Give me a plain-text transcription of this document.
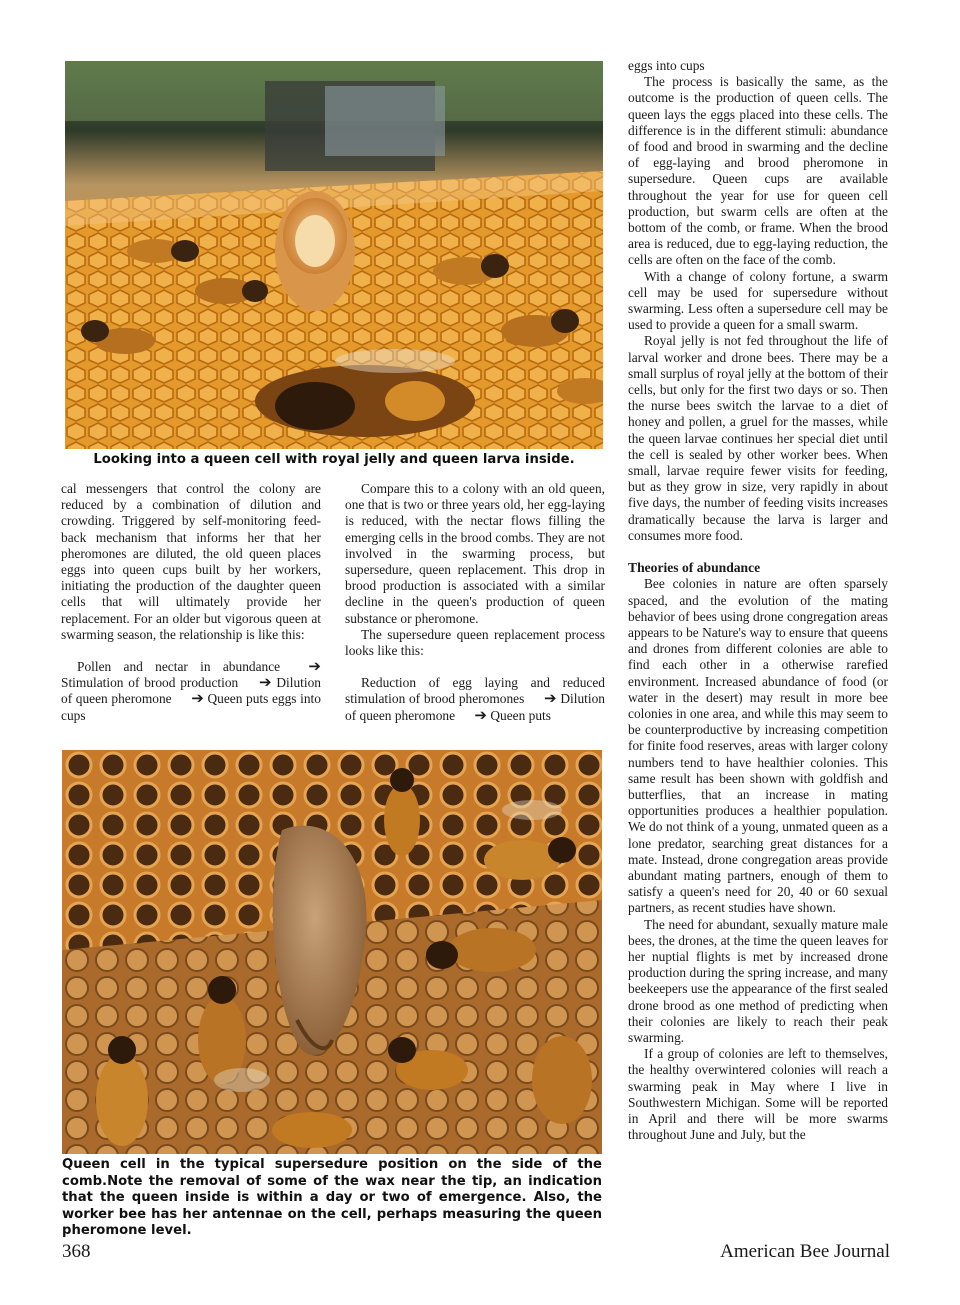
Looking into a queen cell with royal jelly and queen larva inside.

cal messengers that control the colony are reduced by a combination of dilution and crowding. Triggered by self-monitoring feed-back mechanism that informs her that her pheromones are diluted, the old queen places eggs into queen cups built by her workers, initiating the production of the daughter queen cells that will ultimately provide her replacement. For an older but vigorous queen at swarming season, the relationship is like this:

Pollen and nectar in abundance ➔ Stimulation of brood production ➔ Dilution of queen pheromone ➔ Queen puts eggs into cups

Compare this to a colony with an old queen, one that is two or three years old, her egg-laying is reduced, with the nectar flows filling the emerging cells in the brood combs. They are not involved in the swarming process, but supersedure, queen replacement. This drop in brood production is associated with a similar decline in the queen's production of queen substance or pheromone.

The supersedure queen replacement process looks like this:

Reduction of egg laying and reduced stimulation of brood pheromones ➔ Dilution of queen pheromone ➔ Queen puts

eggs into cups

The process is basically the same, as the outcome is the production of queen cells. The queen lays the eggs placed into these cells. The difference is in the different stimuli: abundance of food and brood in swarming and the decline of egg-laying and brood pheromone in supersedure. Queen cups are available throughout the year for use for queen cell production, but swarm cells are often at the bottom of the comb, or frame. When the brood area is reduced, due to egg-laying reduction, the cells are often on the face of the comb.

With a change of colony fortune, a swarm cell may be used for supersedure without swarming. Less often a supersedure cell may be used to provide a queen for a small swarm.

Royal jelly is not fed throughout the life of larval worker and drone bees. There may be a small surplus of royal jelly at the bottom of their cells, but only for the first two days or so. Then the nurse bees switch the larvae to a diet of honey and pollen, a gruel for the masses, while the queen larvae continues her special diet until the cell is sealed by other worker bees. When small, larvae require fewer visits for feeding, but as they grow in size, very rapidly in about five days, the number of feeding visits increases dramatically because the larva is larger and consumes more food.

Theories of abundance

Bee colonies in nature are often sparsely spaced, and the evolution of the mating behavior of bees using drone congregation areas appears to be Nature's way to ensure that queens and drones from different colonies are able to find each other in a otherwise rarefied environment. Increased abundance of food (or water in the desert) may result in more bee colonies in one area, and while this may seem to be counterproductive by increasing competition for finite food reserves, areas with larger colony numbers tend to have healthier colonies. This same result has been shown with goldfish and butterflies, that an increase in mating opportunities produces a healthier population. We do not think of a young, unmated queen as a lone predator, searching great distances for a mate. Instead, drone congregation areas provide abundant mating partners, enough of them to satisfy a queen's need for 20, 40 or 60 sexual partners, as recent studies have shown.

The need for abundant, sexually mature male bees, the drones, at the time the queen leaves for her nuptial flights is met by increased drone production during the spring increase, and many beekeepers use the appearance of the first sealed drone brood as one method of predicting when their colonies are likely to reach their peak swarming.

If a group of colonies are left to themselves, the healthy overwintered colonies will reach a swarming peak in May where I live in Southwestern Michigan. Some will be reported in April and there will be more swarms throughout June and July, but the

Queen cell in the typical supersedure position on the side of the comb.Note the removal of some of the wax near the tip, an indication that the queen inside is within a day or two of emergence. Also, the worker bee has her antennae on the cell, perhaps measuring the queen pheromone level.
368	American Bee Journal
